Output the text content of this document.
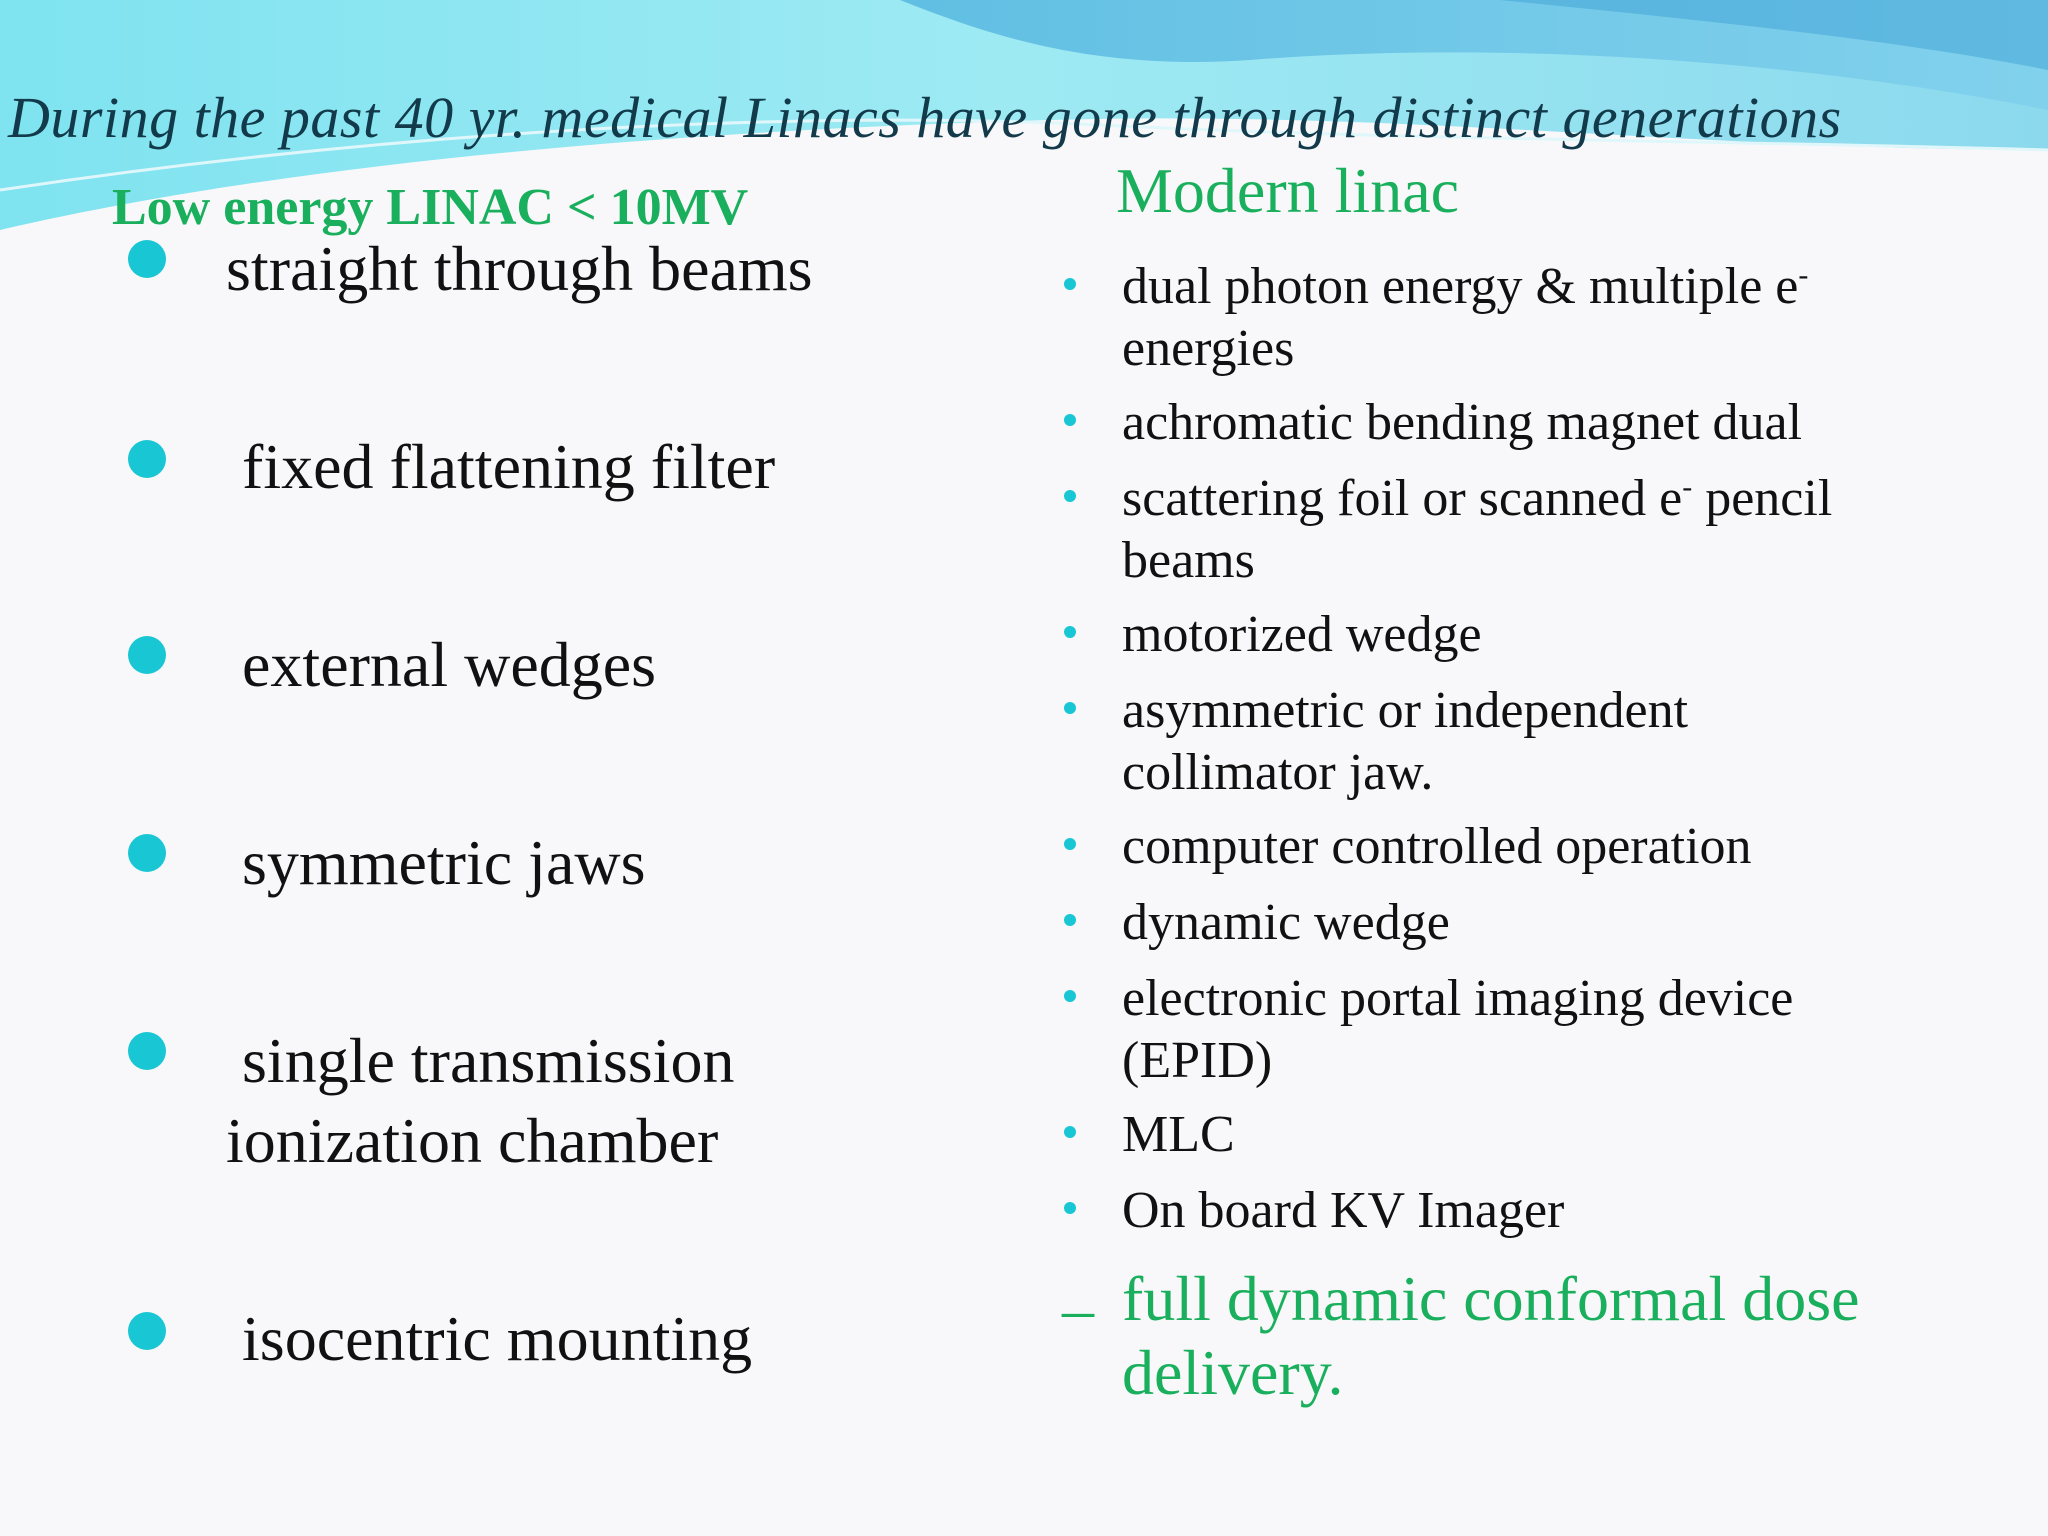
During the past 40 yr. medical Linacs have gone through distinct generations
Low energy LINAC < 10MV	Modern linac
straight through beams
fixed flattening filter
external wedges
symmetric jaws
single transmission
ionization chamber
isocentric mounting
dual photon energy & multiple e-
energies
achromatic bending magnet dual
scattering foil or scanned e- pencil
beams
motorized wedge
asymmetric or independent
collimator jaw.
computer controlled operation
dynamic wedge
electronic portal imaging device
(EPID)
MLC
On board KV Imager
– full dynamic conformal dose
delivery.
